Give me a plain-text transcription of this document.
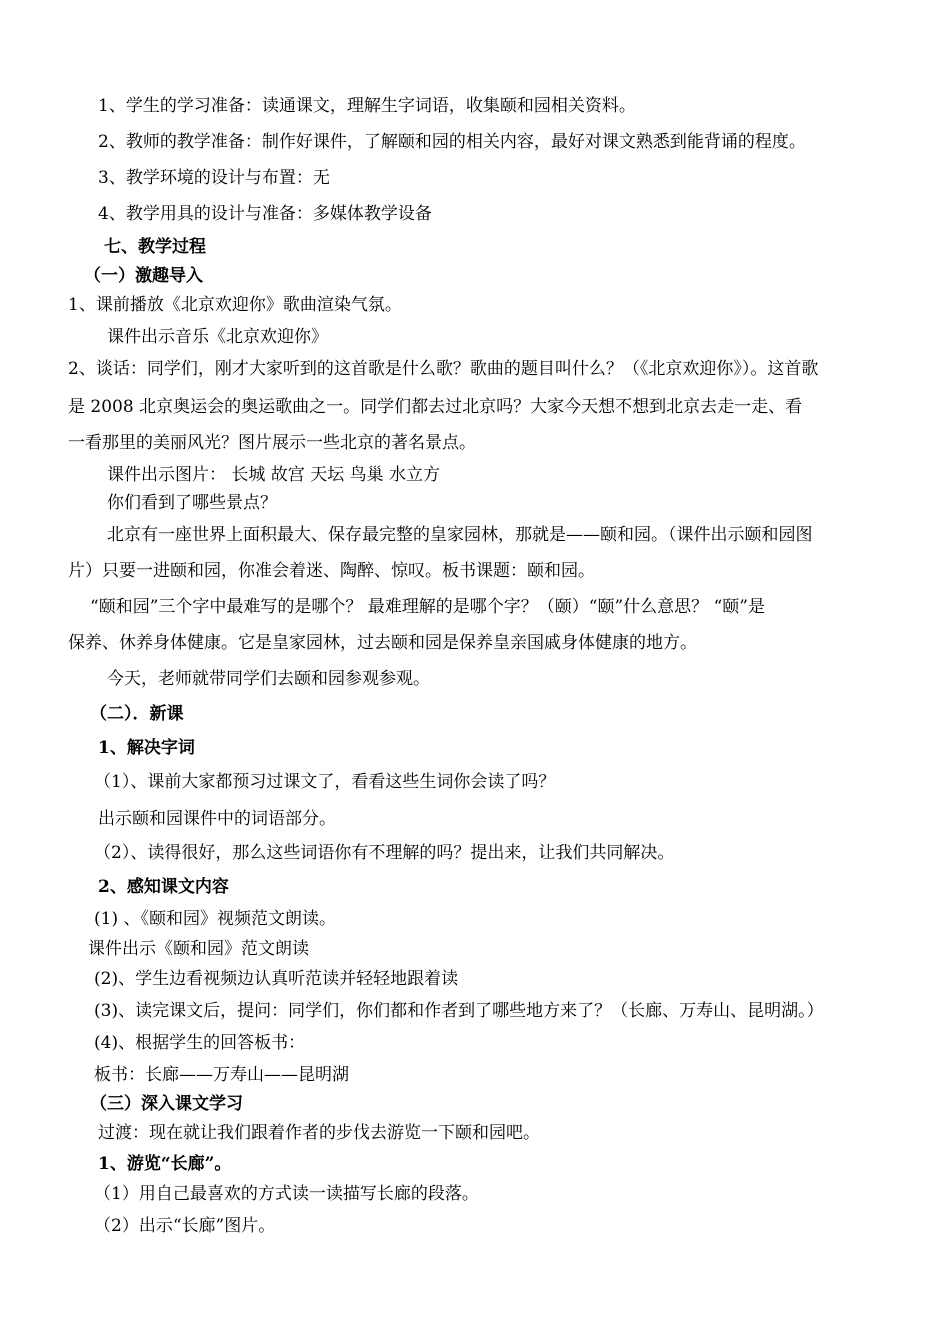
1、学生的学习准备：读通课文，理解生字词语，收集颐和园相关资料。
2、教师的教学准备：制作好课件，了解颐和园的相关内容，最好对课文熟悉到能背诵的程度。
3、教学环境的设计与布置：无
4、教学用具的设计与准备：多媒体教学设备
七、教学过程
（一）激趣导入
1、课前播放《北京欢迎你》歌曲渲染气氛。
课件出示音乐《北京欢迎你》
2、谈话：同学们，刚才大家听到的这首歌是什么歌？歌曲的题目叫什么？（《北京欢迎你》）。这首歌
是 2008 北京奥运会的奥运歌曲之一。同学们都去过北京吗？大家今天想不想到北京去走一走、看
一看那里的美丽风光？图片展示一些北京的著名景点。
课件出示图片： 长城 故宫 天坛 鸟巢 水立方
你们看到了哪些景点？
北京有一座世界上面积最大、保存最完整的皇家园林，那就是——颐和园。（课件出示颐和园图
片）只要一进颐和园，你准会着迷、陶醉、惊叹。板书课题：颐和园。
“颐和园”三个字中最难写的是哪个？ 最难理解的是哪个字？（颐）“颐”什么意思？ “颐”是
保养、休养身体健康。它是皇家园林，过去颐和园是保养皇亲国戚身体健康的地方。
今天，老师就带同学们去颐和园参观参观。
（二）．新课
1、解决字词
（1）、课前大家都预习过课文了，看看这些生词你会读了吗？
出示颐和园课件中的词语部分。
（2）、读得很好，那么这些词语你有不理解的吗？提出来，让我们共同解决。
2、感知课文内容
(1) 、《颐和园》视频范文朗读。
课件出示《颐和园》范文朗读
(2)、学生边看视频边认真听范读并轻轻地跟着读
(3)、读完课文后，提问：同学们，你们都和作者到了哪些地方来了？（长廊、万寿山、昆明湖。）
(4)、根据学生的回答板书：
板书：长廊——万寿山——昆明湖
（三）深入课文学习
过渡：现在就让我们跟着作者的步伐去游览一下颐和园吧。
1、游览“长廊”。
（1）用自己最喜欢的方式读一读描写长廊的段落。
（2）出示“长廊”图片。
